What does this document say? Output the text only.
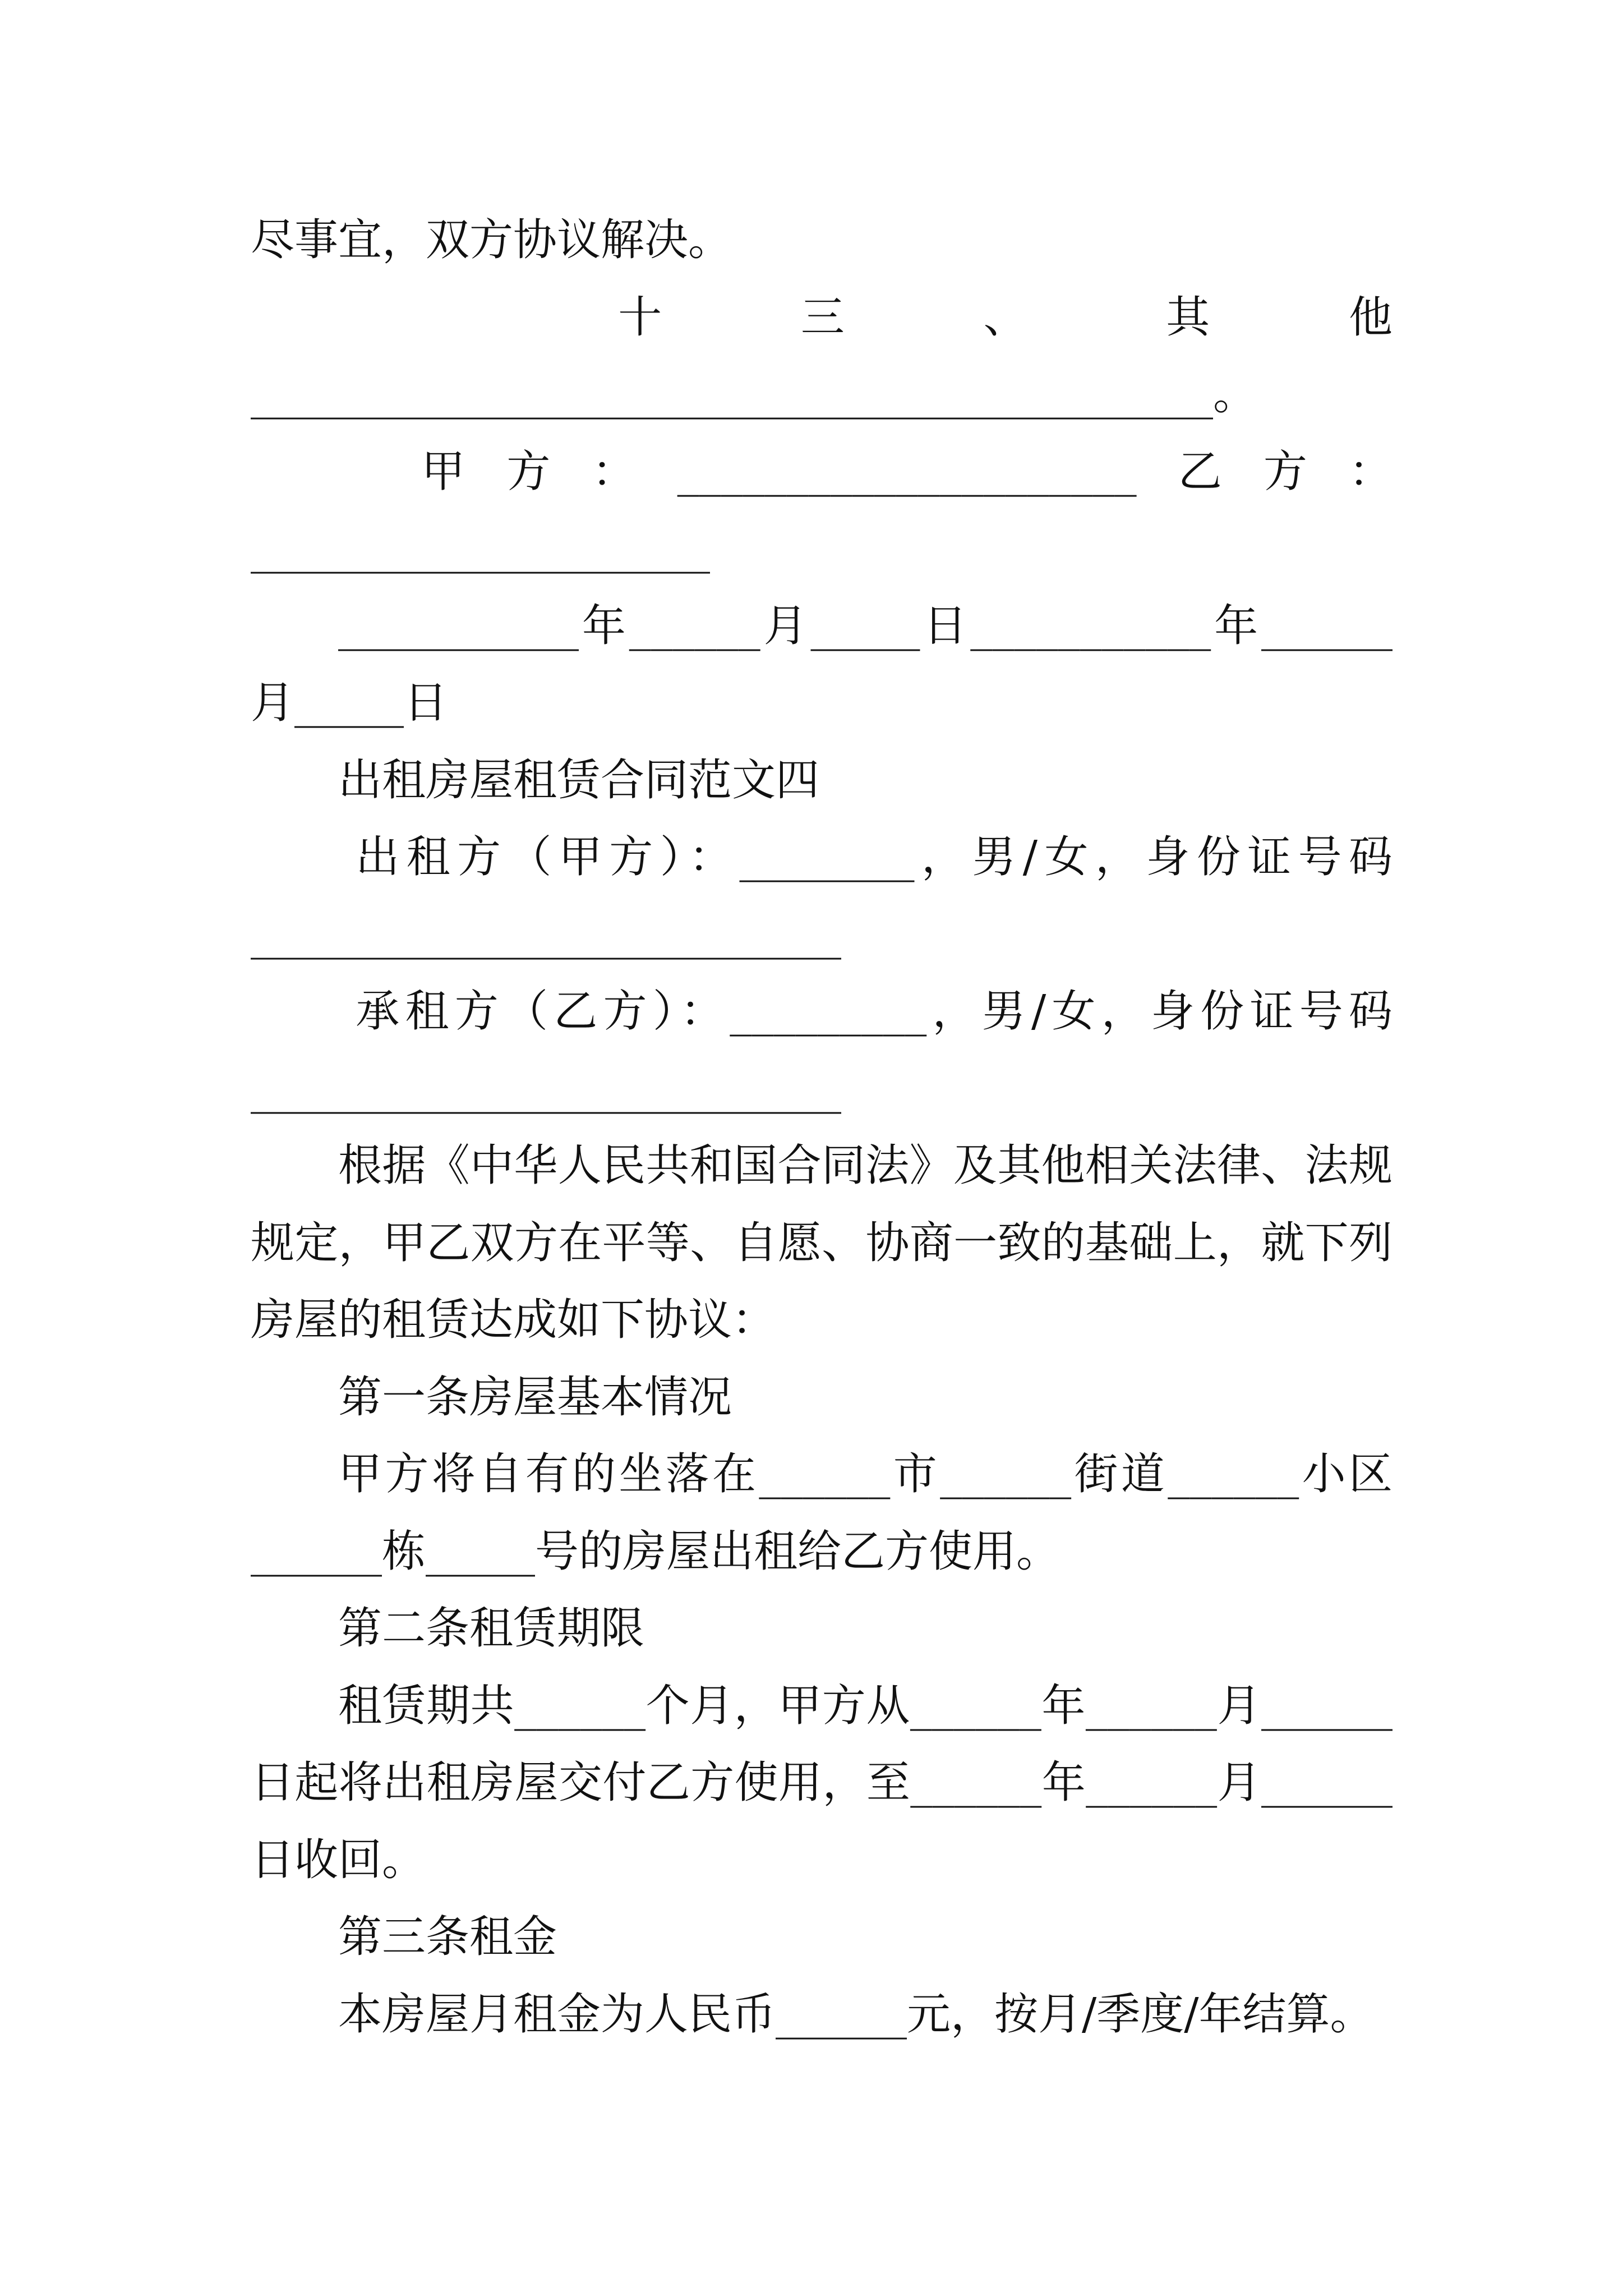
尽事宜，双方协议解决。
十三、其他
____________________________________________。
甲方：_____________________乙方：
_____________________
___________年______月_____日___________年______
月_____日
出租房屋租赁合同范文四
出租方（甲方）：________，男/女，身份证号码
___________________________
承租方（乙方）：_________，男/女，身份证号码
___________________________
根据《中华人民共和国合同法》及其他相关法律、法规
规定，甲乙双方在平等、自愿、协商一致的基础上，就下列
房屋的租赁达成如下协议：
第一条房屋基本情况
甲方将自有的坐落在______市______街道______小区
______栋_____号的房屋出租给乙方使用。
第二条租赁期限
租赁期共______个月，甲方从______年______月______
日起将出租房屋交付乙方使用，至______年______月______
日收回。
第三条租金
本房屋月租金为人民币______元，按月/季度/年结算。
